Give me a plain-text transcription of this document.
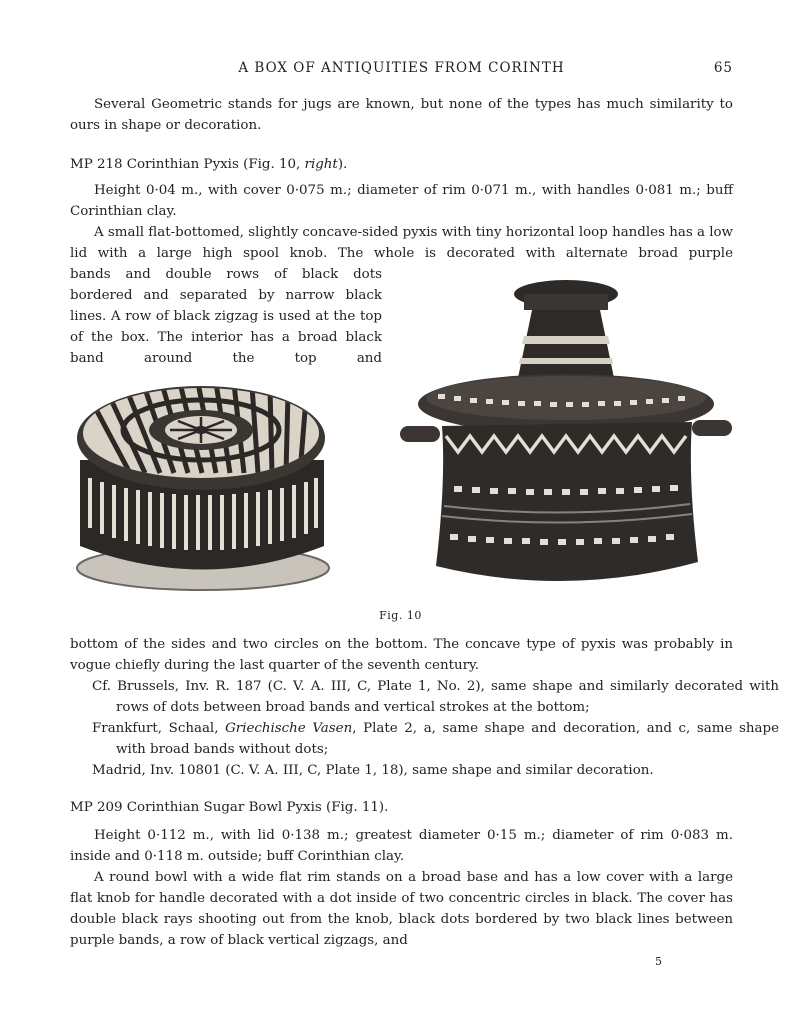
A BOX OF ANTIQUITIES FROM CORINTH	65

Several Geometric stands for jugs are known, but none of the types has much similarity to ours in shape or decoration.

MP 218 Corinthian Pyxis (Fig. 10, right).

Height 0·04 m., with cover 0·075 m.; diameter of rim 0·071 m., with handles 0·081 m.; buff Corinthian clay.

A small flat-bottomed, slightly concave-sided pyxis with tiny horizontal loop handles has a low lid with a large high spool knob. The whole is decorated with alternate broad purple

bands and double rows of black dots bordered and separated by narrow black lines. A row of black zigzag is used at the top of the box. The interior has a broad black band around the top and

Fig. 10

bottom of the sides and two circles on the bottom. The concave type of pyxis was probably in vogue chiefly during the last quarter of the seventh century.

Cf. Brussels, Inv. R. 187 (C. V. A. III, C, Plate 1, No. 2), same shape and similarly decorated with rows of dots between broad bands and vertical strokes at the bottom;

Frankfurt, Schaal, Griechische Vasen, Plate 2, a, same shape and decoration, and c, same shape with broad bands without dots;

Madrid, Inv. 10801 (C. V. A. III, C, Plate 1, 18), same shape and similar decoration.

MP 209 Corinthian Sugar Bowl Pyxis (Fig. 11).

Height 0·112 m., with lid 0·138 m.; greatest diameter 0·15 m.; diameter of rim 0·083 m. inside and 0·118 m. outside; buff Corinthian clay.

A round bowl with a wide flat rim stands on a broad base and has a low cover with a large flat knob for handle decorated with a dot inside of two concentric circles in black. The cover has double black rays shooting out from the knob, black dots bordered by two black lines between purple bands, a row of black vertical zigzags, and

5
